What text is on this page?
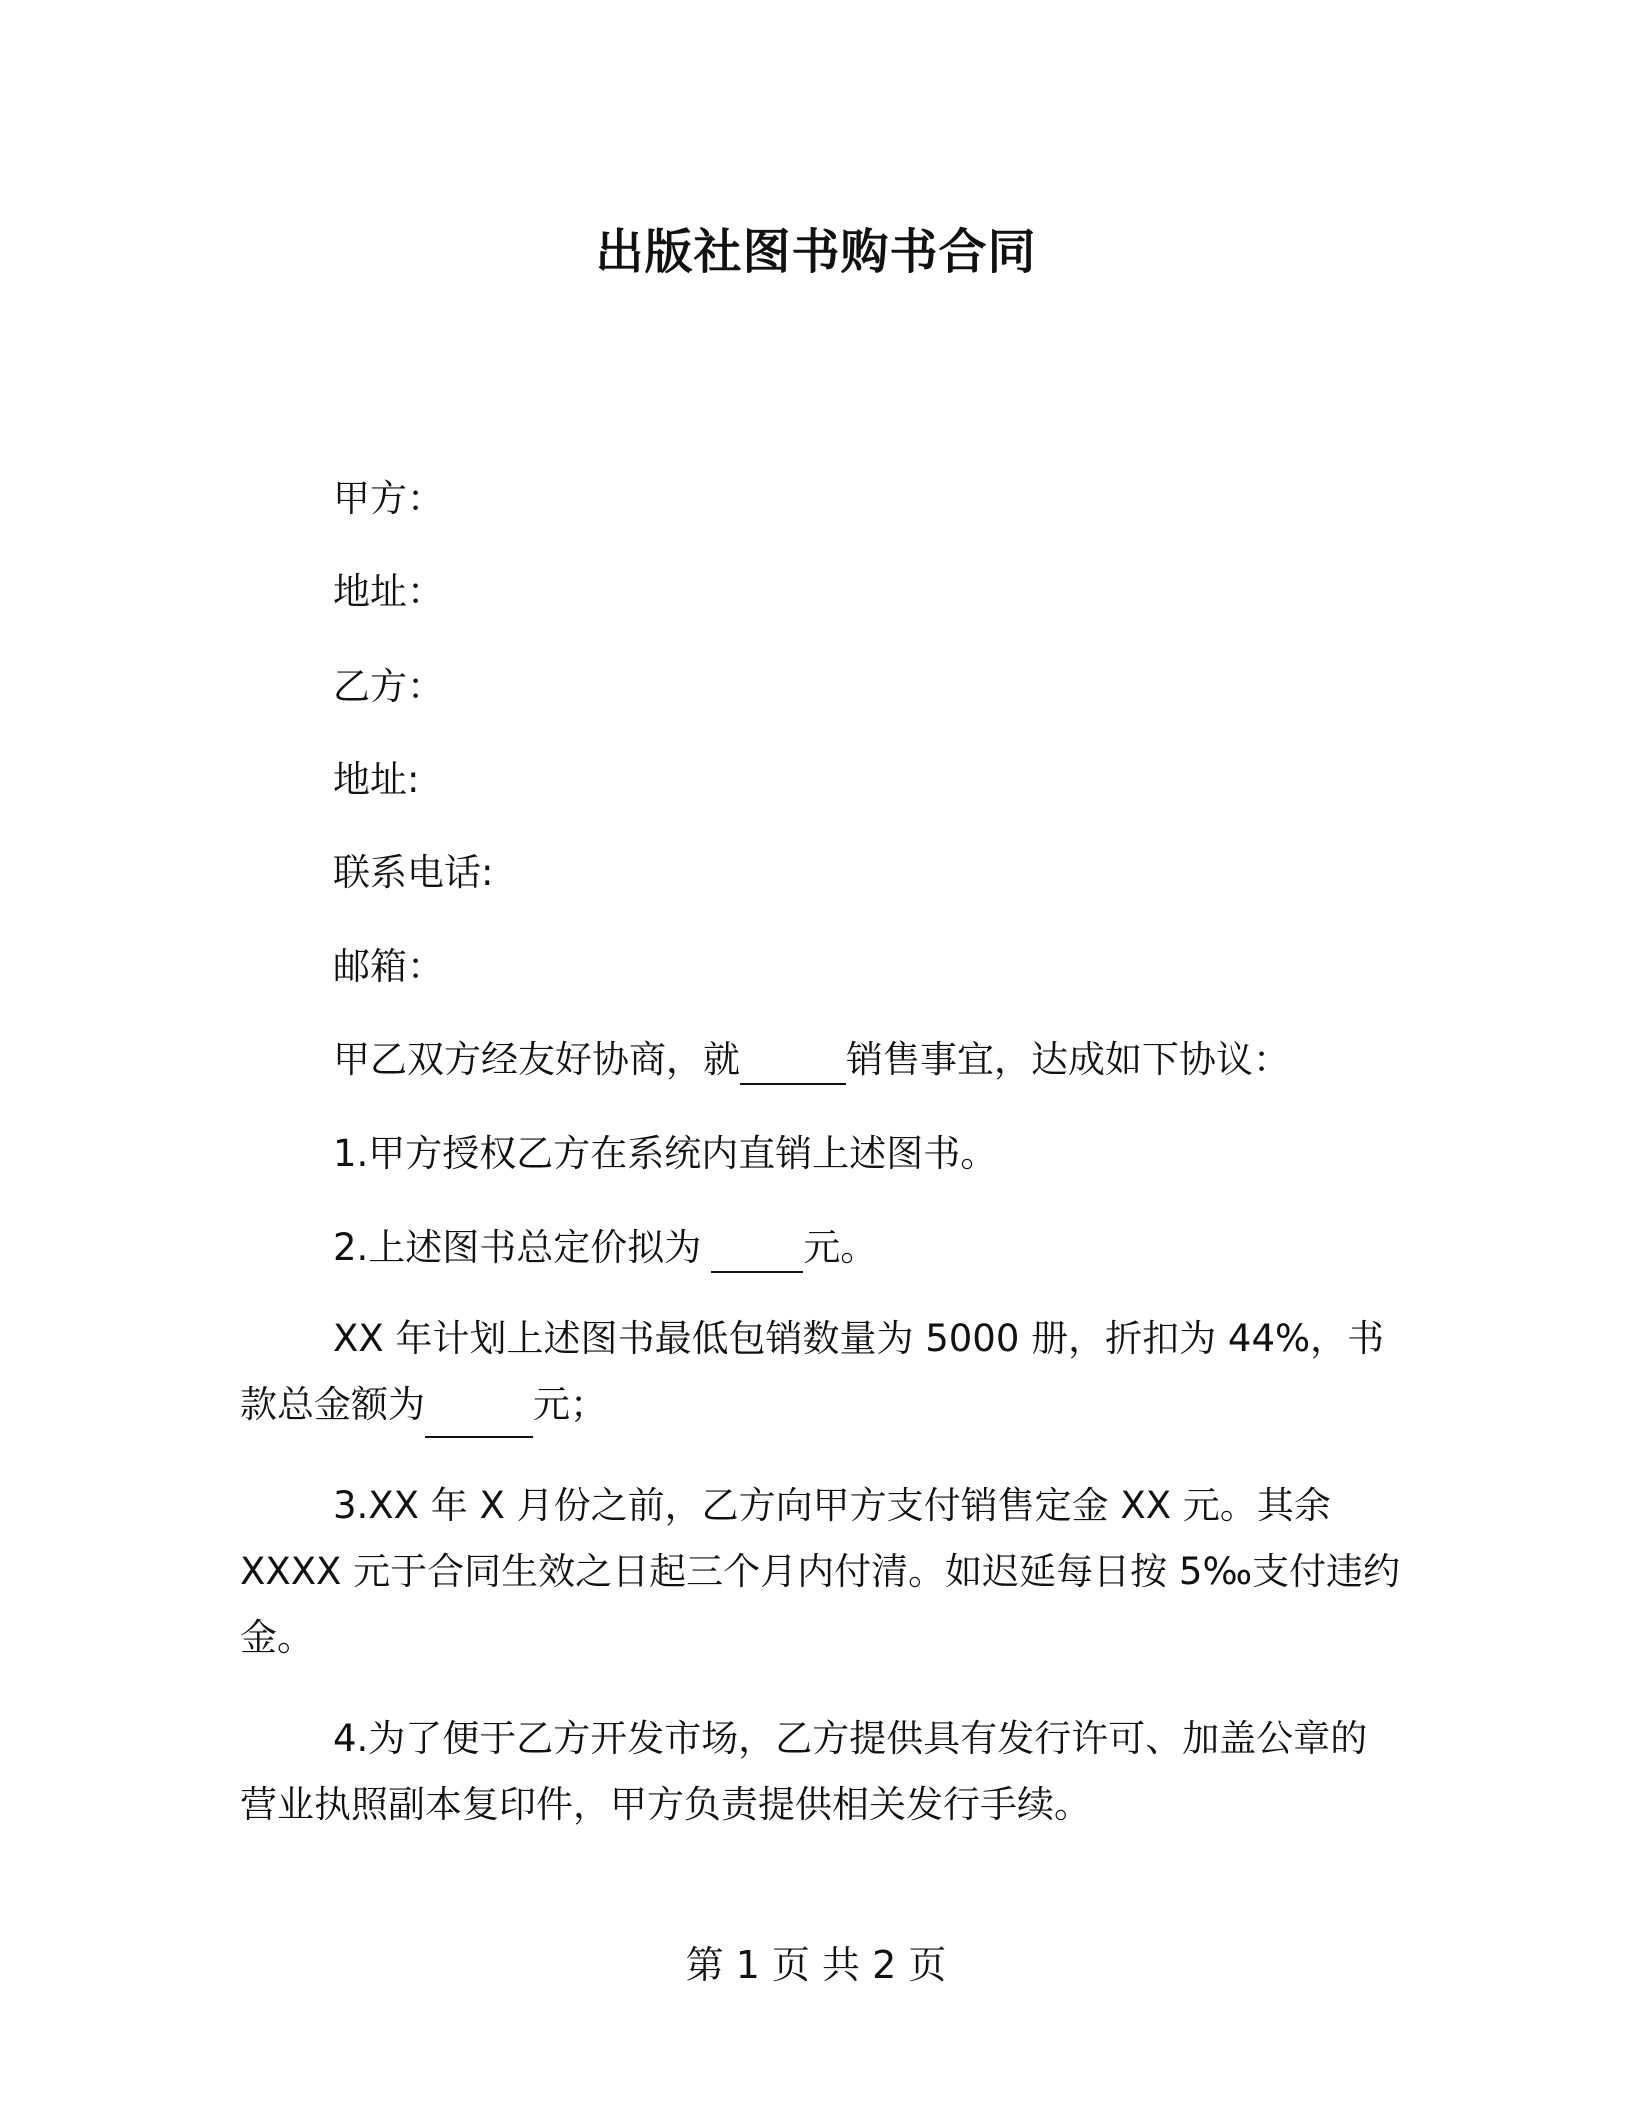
出版社图书购书合同
甲方：
地址：
乙方：
地址:
联系电话:
邮箱：
甲乙双方经友好协商，就	销售事宜，达成如下协议：
1.甲方授权乙方在系统内直销上述图书。
2.上述图书总定价拟为	元。
XX 年计划上述图书最低包销数量为 5000 册，折扣为 44%，书
款总金额为	元；
3.XX 年 X 月份之前，乙方向甲方支付销售定金 XX 元。其余
XXXX 元于合同生效之日起三个月内付清。如迟延每日按 5‰支付违约
金。
4.为了便于乙方开发市场，乙方提供具有发行许可、加盖公章的
营业执照副本复印件，甲方负责提供相关发行手续。
第 1 页 共 2 页
